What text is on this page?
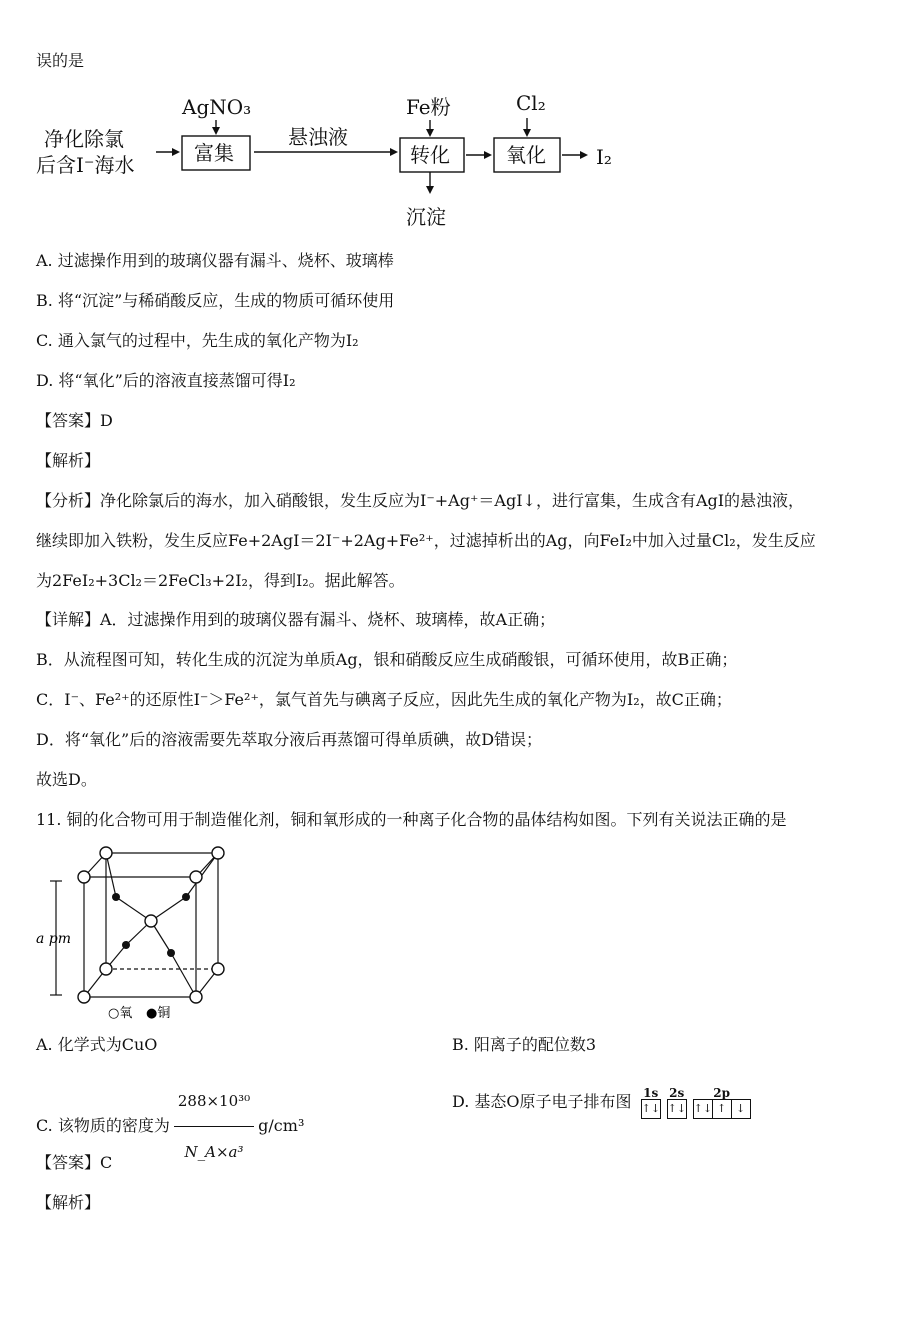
误的是
净化除氯
后含I⁻海水	富集
AgNO₃
悬浊液
转化
Fe粉
沉淀
氧化
Cl₂
I₂
A. 过滤操作用到的玻璃仪器有漏斗、烧杯、玻璃棒
B. 将“沉淀”与稀硝酸反应，生成的物质可循环使用
C. 通入氯气的过程中，先生成的氧化产物为I₂
D. 将“氧化”后的溶液直接蒸馏可得I₂
【答案】D
【解析】
【分析】净化除氯后的海水，加入硝酸银，发生反应为I⁻+Ag⁺＝AgI↓，进行富集，生成含有AgI的悬浊液，
继续即加入铁粉，发生反应Fe+2AgI＝2I⁻+2Ag+Fe²⁺，过滤掉析出的Ag，向FeI₂中加入过量Cl₂，发生反应
为2FeI₂+3Cl₂＝2FeCl₃+2I₂，得到I₂。据此解答。
【详解】A．过滤操作用到的玻璃仪器有漏斗、烧杯、玻璃棒，故A正确；
B．从流程图可知，转化生成的沉淀为单质Ag，银和硝酸反应生成硝酸银，可循环使用，故B正确；
C．I⁻、Fe²⁺的还原性I⁻＞Fe²⁺，氯气首先与碘离子反应，因此先生成的氧化产物为I₂，故C正确；
D．将“氧化”后的溶液需要先萃取分液后再蒸馏可得单质碘，故D错误；
故选D。
11. 铜的化合物可用于制造催化剂，铜和氧形成的一种离子化合物的晶体结构如图。下列有关说法正确的是
a pm
○氧 ●铜
A. 化学式为CuO	B. 阳离子的配位数3
C. 该物质的密度为 $\frac{\text{288×10³⁰}}{\text{N\_A×a³}} g/cm^3$
D. 基态O原子电子排布图 1s
↑↓
2s
↑↓
2p
↑↓ ↑ ↓
【答案】C
【解析】
